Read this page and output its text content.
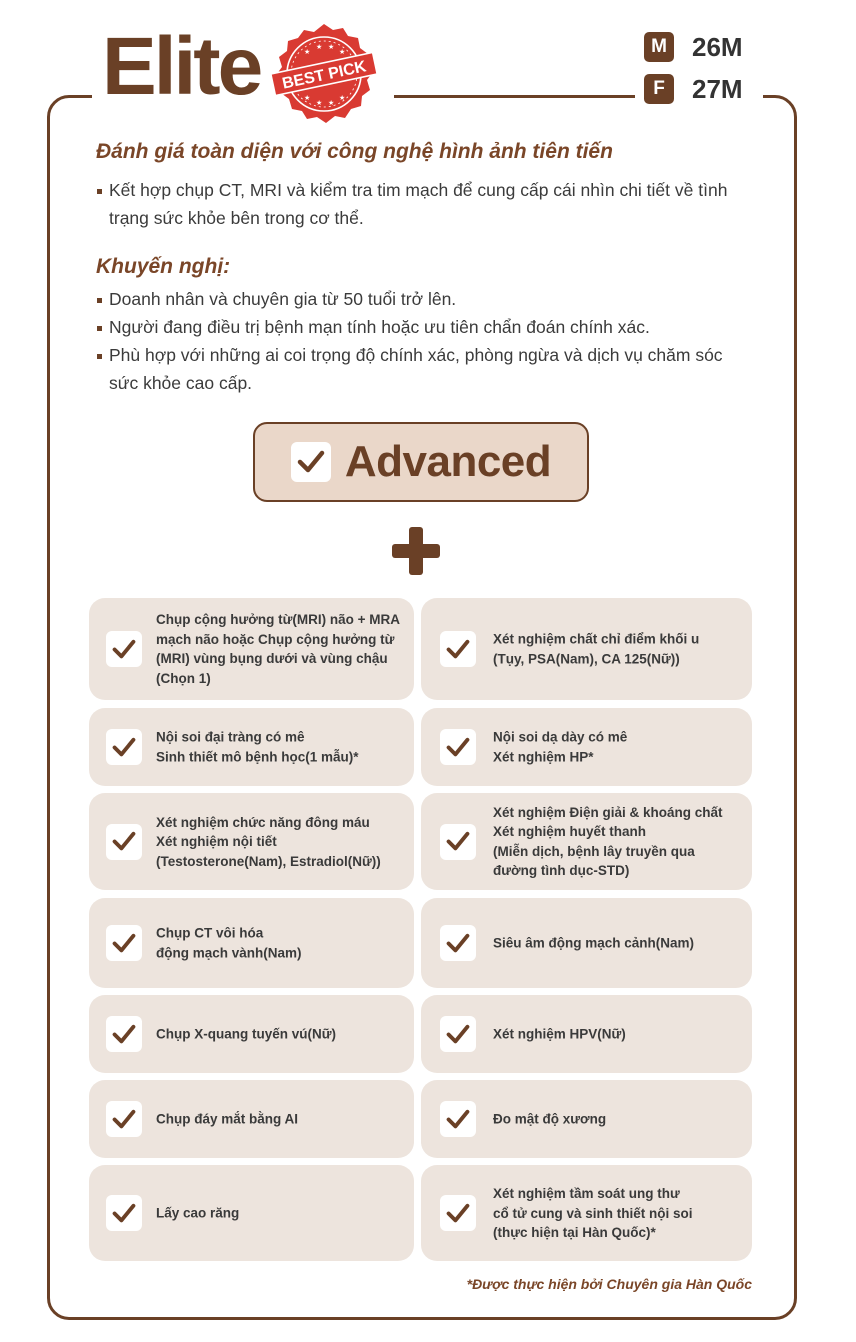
Elite	★
★ ★
★
★
★ ★
★
BEST PICK
M 26M
F	27M
Đánh giá toàn diện với công nghệ hình ảnh tiên tiến
Kết hợp chụp CT, MRI và kiểm tra tim mạch để cung cấp cái nhìn chi tiết về tình trạng sức khỏe bên trong cơ thể.
Khuyến nghị:
Doanh nhân và chuyên gia từ 50 tuổi trở lên.
Người đang điều trị bệnh mạn tính hoặc ưu tiên chẩn đoán chính xác.
Phù hợp với những ai coi trọng độ chính xác, phòng ngừa và dịch vụ chăm sóc sức khỏe cao cấp.
Advanced
Chụp cộng hưởng từ(MRI) não + MRA
mạch não hoặc Chụp cộng hưởng từ
(MRI) vùng bụng dưới và vùng chậu
(Chọn 1)
Xét nghiệm chất chỉ điểm khối u
(Tụy, PSA(Nam), CA 125(Nữ))
Nội soi đại tràng có mê
Sinh thiết mô bệnh học(1 mẫu)*
Nội soi dạ dày có mê
Xét nghiệm HP*
Xét nghiệm chức năng đông máu
Xét nghiệm nội tiết
(Testosterone(Nam), Estradiol(Nữ))
Xét nghiệm Điện giải & khoáng chất
Xét nghiệm huyết thanh
(Miễn dịch, bệnh lây truyền qua
đường tình dục-STD)
Chụp CT vôi hóa
động mạch vành(Nam)
Siêu âm động mạch cảnh(Nam)
Chụp X-quang tuyến vú(Nữ)	Xét nghiệm HPV(Nữ)
Chụp đáy mắt bằng AI	Đo mật độ xương
Lấy cao răng
Xét nghiệm tầm soát ung thư
cổ tử cung và sinh thiết nội soi
(thực hiện tại Hàn Quốc)*
*Được thực hiện bởi Chuyên gia Hàn Quốc
